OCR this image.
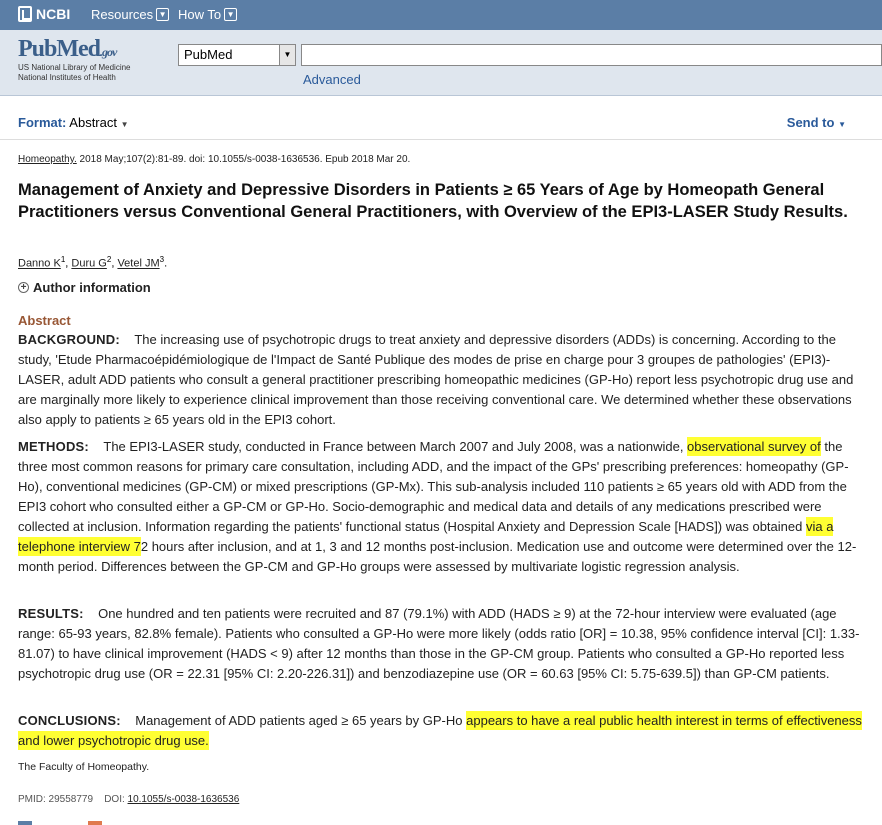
NCBI Resources ▼ How To ▼
PubMed.gov
US National Library of Medicine
National Institutes of Health
PubMed	▼
Advanced
Format: Abstract ▼	Send to ▼
Homeopathy. 2018 May;107(2):81-89. doi: 10.1055/s-0038-1636536. Epub 2018 Mar 20.
Management of Anxiety and Depressive Disorders in Patients ≥ 65 Years of Age by Homeopath General Practitioners versus Conventional General Practitioners, with Overview of the EPI3-LASER Study Results.
Danno $K^1$, Duru $G^2$, Vetel $JM^3$.
+ Author information
Abstract
BACKGROUND: The increasing use of psychotropic drugs to treat anxiety and depressive disorders (ADDs) is concerning. According to the study, 'Etude Pharmacoépidémiologique de l'Impact de Santé Publique des modes de prise en charge pour 3 groupes de pathologies' (EPI3)-LASER, adult ADD patients who consult a general practitioner prescribing homeopathic medicines (GP-Ho) report less psychotropic drug use and are marginally more likely to experience clinical improvement than those receiving conventional care. We determined whether these observations also apply to patients ≥ 65 years old in the EPI3 cohort.
METHODS: The EPI3-LASER study, conducted in France between March 2007 and July 2008, was a nationwide, observational survey of the three most common reasons for primary care consultation, including ADD, and the impact of the GPs' prescribing preferences: homeopathy (GP-Ho), conventional medicines (GP-CM) or mixed prescriptions (GP-Mx). This sub-analysis included 110 patients ≥ 65 years old with ADD from the EPI3 cohort who consulted either a GP-CM or GP-Ho. Socio-demographic and medical data and details of any medications prescribed were collected at inclusion. Information regarding the patients' functional status (Hospital Anxiety and Depression Scale [HADS]) was obtained via a telephone interview 72 hours after inclusion, and at 1, 3 and 12 months post-inclusion. Medication use and outcome were determined over the 12-month period. Differences between the GP-CM and GP-Ho groups were assessed by multivariate logistic regression analysis.
RESULTS: One hundred and ten patients were recruited and 87 (79.1%) with ADD (HADS ≥ 9) at the 72-hour interview were evaluated (age range: 65-93 years, 82.8% female). Patients who consulted a GP-Ho were more likely (odds ratio [OR] = 10.38, 95% confidence interval [CI]: 1.33-81.07) to have clinical improvement (HADS < 9) after 12 months than those in the GP-CM group. Patients who consulted a GP-Ho reported less psychotropic drug use (OR = 22.31 [95% CI: 2.20-226.31]) and benzodiazepine use (OR = 60.63 [95% CI: 5.75-639.5]) than GP-CM patients.
CONCLUSIONS: Management of ADD patients aged ≥ 65 years by GP-Ho appears to have a real public health interest in terms of effectiveness and lower psychotropic drug use.
The Faculty of Homeopathy.
PMID: 29558779 DOI: 10.1055/s-0038-1636536
